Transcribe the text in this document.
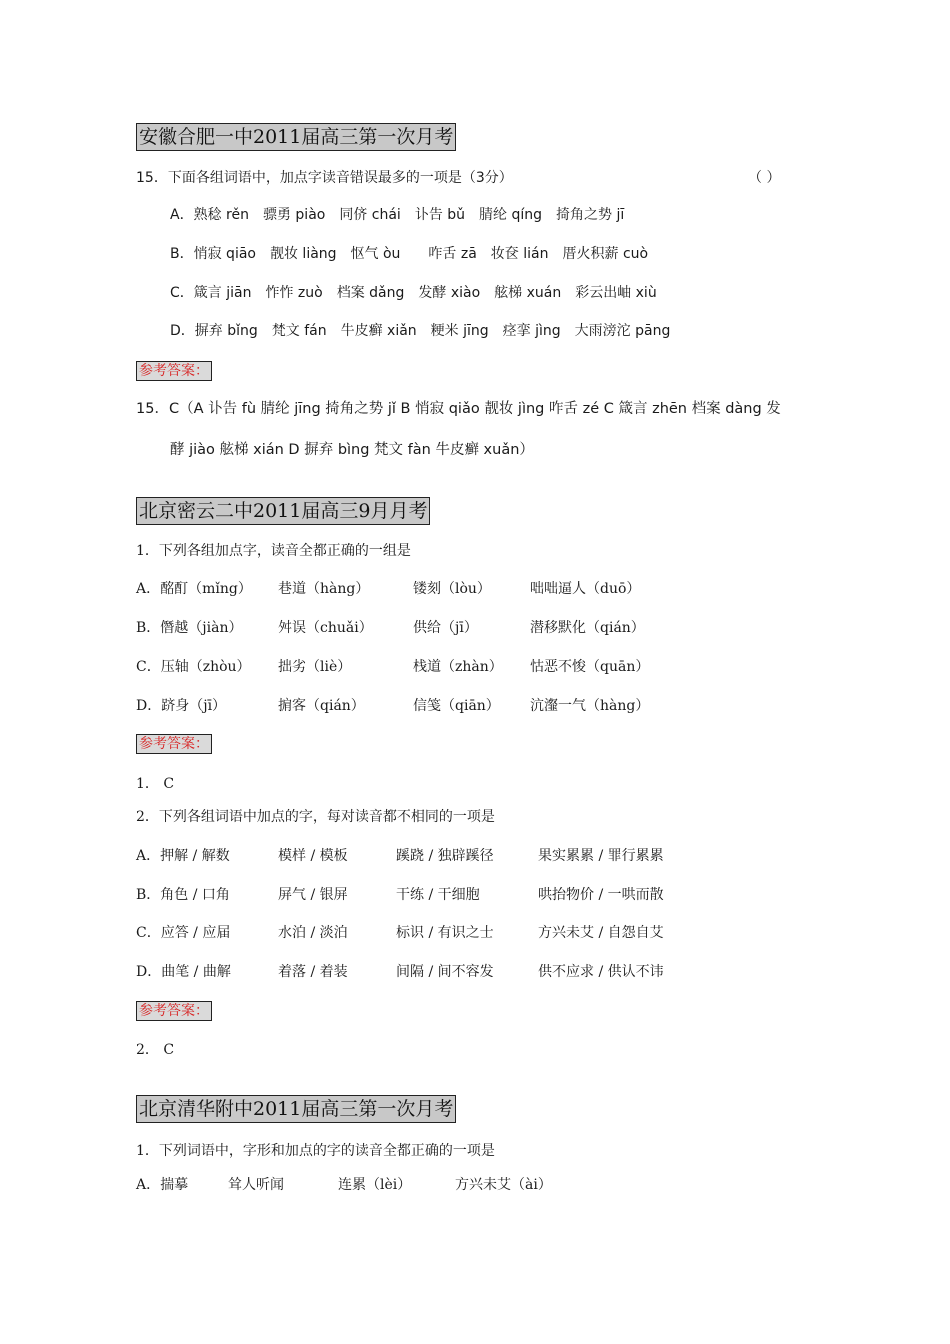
安徽合肥一中2011届高三第一次月考
15．下面各组词语中，加点字读音错误最多的一项是（3分）	（ ）
A．熟稔 rěn　骠勇 piào　同侪 chái　讣告 bǔ　腈纶 qíng　掎角之势 jī
B．悄寂 qiāo　靓妆 liàng　怄气 òu　　咋舌 zā　妆奁 lián　厝火积薪 cuò
C．箴言 jiān　怍怍 zuò　档案 dǎng　发酵 xiào　舷梯 xuán　彩云出岫 xiù
D．摒弃 bǐng　梵文 fán　牛皮癣 xiǎn　粳米 jīng　痉挛 jìng　大雨滂沱 pāng
参考答案：
15．C（A 讣告 fù 腈纶 jīng 掎角之势 jǐ B 悄寂 qiǎo 靓妆 jìng 咋舌 zé C 箴言 zhēn 档案 dàng 发
酵 jiào 舷梯 xián D 摒弃 bìng 梵文 fàn 牛皮癣 xuǎn）
北京密云二中2011届高三9月月考
1．下列各组加点字，读音全都正确的一组是
A．酩酊（mǐng） 巷道（hàng）	镂刻（lòu）	咄咄逼人（duō）
B．僭越（jiàn）	舛误（chuǎi）	供给（jī）	潜移默化（qián）
C．压轴（zhòu） 拙劣（liè）	栈道（zhàn） 怙恶不悛（quān）
D．跻身（jī）	掮客（qián）	信笺（qiān） 沆瀣一气（hàng）
参考答案：
1． C
2．下列各组词语中加点的字，每对读音都不相同的一项是
A．押解 / 解数	模样 / 模板	蹊跷 / 独辟蹊径	果实累累 / 罪行累累
B．角色 / 口角	屏气 / 银屏	干练 / 干细胞	哄抬物价 / 一哄而散
C．应答 / 应届	水泊 / 淡泊	标识 / 有识之士	方兴未艾 / 自怨自艾
D．曲笔 / 曲解	着落 / 着装	间隔 / 间不容发	供不应求 / 供认不讳
参考答案：
2． C
北京清华附中2011届高三第一次月考
1．下列词语中，字形和加点的字的读音全都正确的一项是
A．揣摹	耸人听闻	连累（lèi）	方兴未艾（ài）
